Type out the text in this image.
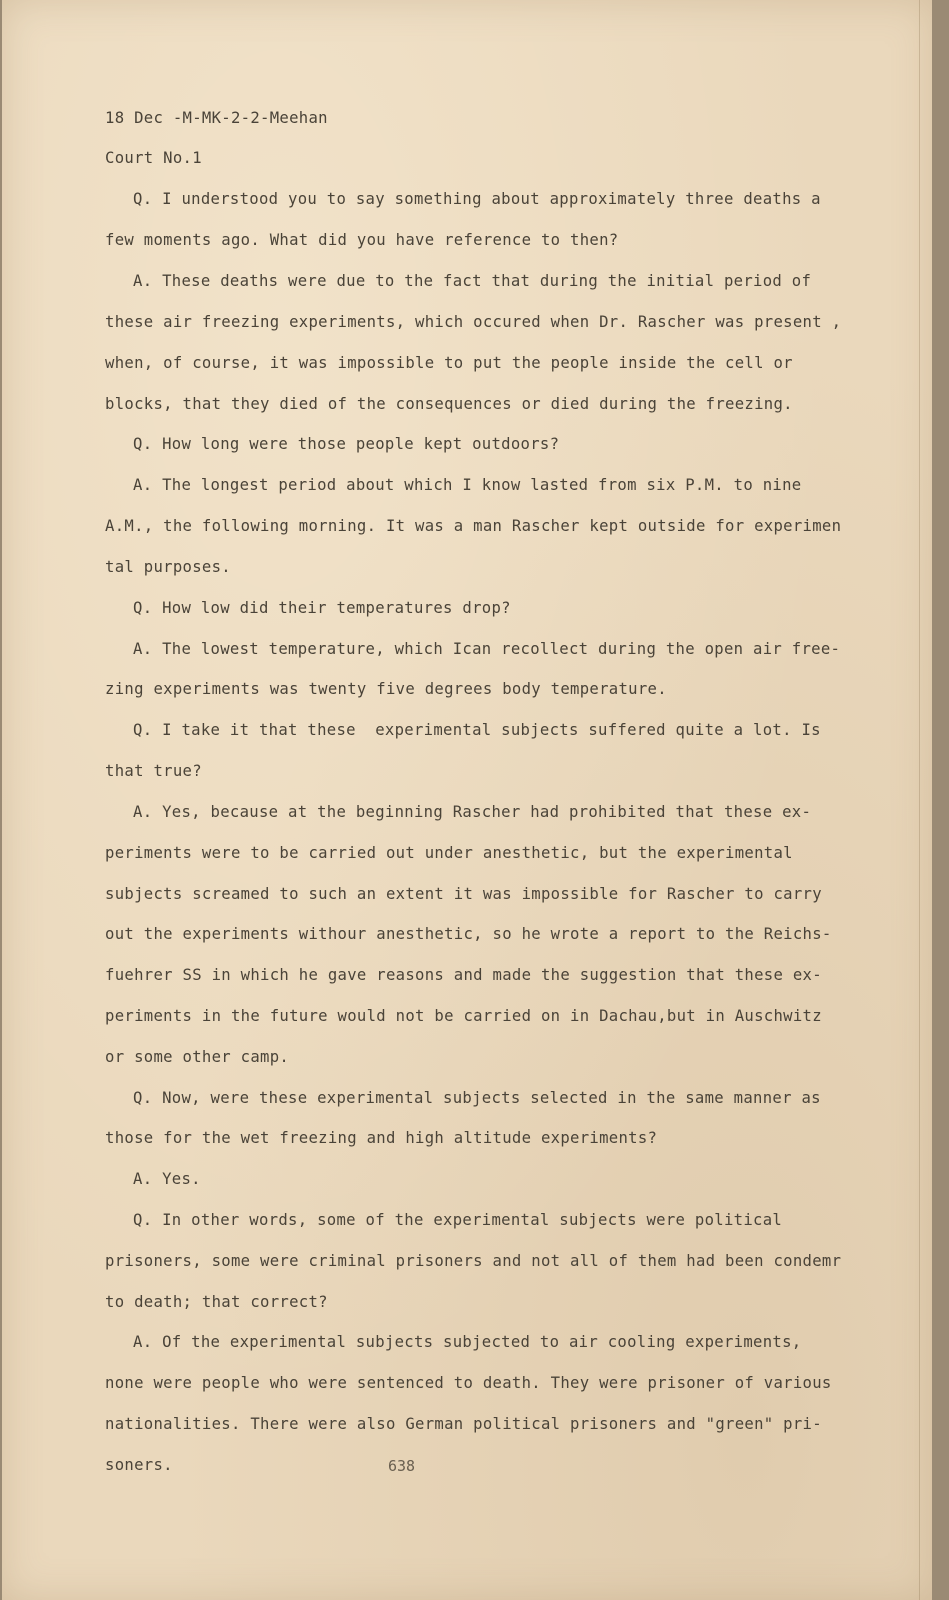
18 Dec -M-MK-2-2-Meehan

Court No.1

Q. I understood you to say something about approximately three deaths a

few moments ago. What did you have reference to then?

A. These deaths were due to the fact that during the initial period of

these air freezing experiments, which occured when Dr. Rascher was present ,

when, of course, it was impossible to put the people inside the cell or

blocks, that they died of the consequences or died during the freezing.

Q. How long were those people kept outdoors?

A. The longest period about which I know lasted from six P.M. to nine

A.M., the following morning. It was a man Rascher kept outside for experimen

tal purposes.

Q. How low did their temperatures drop?

A. The lowest temperature, which Ican recollect during the open air free-

zing experiments was twenty five degrees body temperature.

Q. I take it that these  experimental subjects suffered quite a lot. Is

that true?

A. Yes, because at the beginning Rascher had prohibited that these ex-

periments were to be carried out under anesthetic, but the experimental

subjects screamed to such an extent it was impossible for Rascher to carry

out the experiments withour anesthetic, so he wrote a report to the Reichs-

fuehrer SS in which he gave reasons and made the suggestion that these ex-

periments in the future would not be carried on in Dachau,but in Auschwitz

or some other camp.

Q. Now, were these experimental subjects selected in the same manner as

those for the wet freezing and high altitude experiments?

A. Yes.

Q. In other words, some of the experimental subjects were political

prisoners, some were criminal prisoners and not all of them had been condemr

to death; that correct?

A. Of the experimental subjects subjected to air cooling experiments,

none were people who were sentenced to death. They were prisoner of various

nationalities. There were also German political prisoners and "green" pri-

soners.	638
